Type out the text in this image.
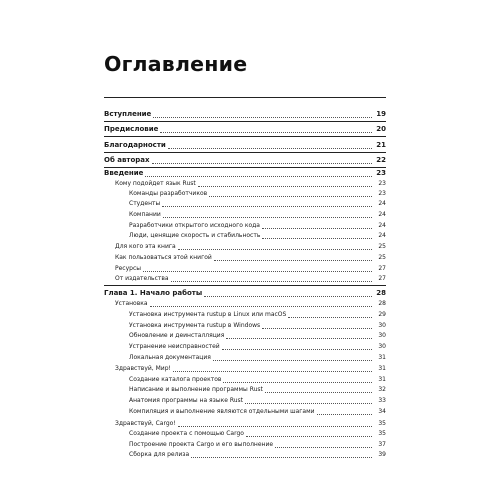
Оглавление
Вступление	19
Предисловие	20
Благодарности	21
Об авторах	22
Введение	23
Кому подойдет язык Rust	23
Команды разработчиков	23
Студенты	24
Компании	24
Разработчики открытого исходного кода	24
Люди, ценящие скорость и стабильность	24
Для кого эта книга	25
Как пользоваться этой книгой	25
Ресурсы	27
От издательства	27
Глава 1. Начало работы	28
Установка	28
Установка инструмента rustup в Linux или macOS	29
Установка инструмента rustup в Windows	30
Обновление и деинсталляция	30
Устранение неисправностей	30
Локальная документация	31
Здравствуй, Мир!	31
Создание каталога проектов	31
Написание и выполнение программы Rust	32
Анатомия программы на языке Rust	33
Компиляция и выполнение являются отдельными шагами	34
Здравствуй, Cargo!	35
Создание проекта с помощью Cargo	35
Построение проекта Cargo и его выполнение	37
Сборка для релиза	39
